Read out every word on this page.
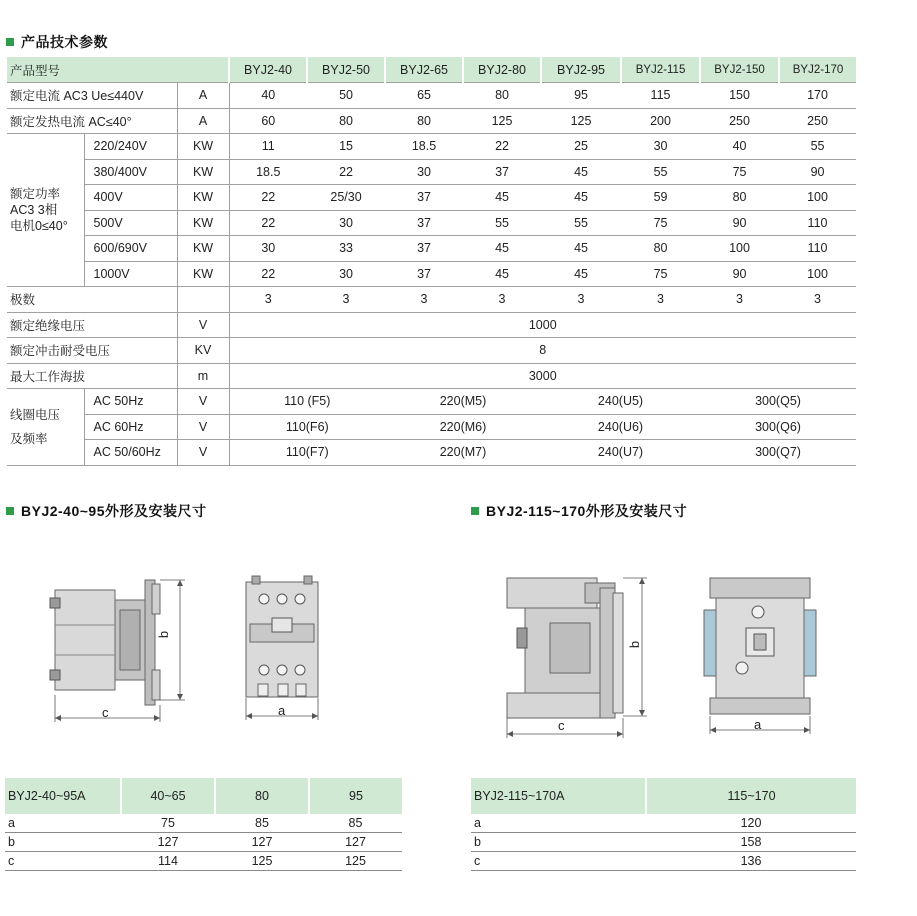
产品技术参数
产品型号			BYJ2-40	BYJ2-50	BYJ2-65	BYJ2-80	BYJ2-95	BYJ2-115	BYJ2-150	BYJ2-170
额定电流 AC3 Ue≤440V		A	40	50	65	80	95	115	150	170
额定发热电流 AC≤40°		A	60	80	80	125	125	200	250	250

额定功率
AC3 3相
电机0≤40°	220/240V	KW	11	15	18.5	22	25	30	40	55
	380/400V	KW	18.5	22	30	37	45	55	75	90
	400V	KW	22	25/30	37	45	45	59	80	100
	500V	KW	22	30	37	55	55	75	90	110
	600/690V	KW	30	33	37	45	45	80	100	110
	1000V	KW	22	30	37	45	45	75	90	100
极数			3	3	3	3	3	3	3	3
额定绝缘电压		V	1000							
额定冲击耐受电压		KV	8							
最大工作海拔		m	3000							

线圈电压
及频率	AC 50Hz	V	110 (F5)		220(M5)		240(U5)		300(Q5)	
	AC 60Hz	V	110(F6)		220(M6)		240(U6)		300(Q6)	
	AC 50/60Hz	V	110(F7)		220(M7)		240(U7)		300(Q7)	
BYJ2-40~95外形及安装尺寸	BYJ2-115~170外形及安装尺寸
b
c	a
b
c	a
BYJ2-40~95A	40~65	80	95
a	75	85	85
b	127	127	127
c	114	125	125
BYJ2-115~170A	115~170
a	120
b	158
c	136
